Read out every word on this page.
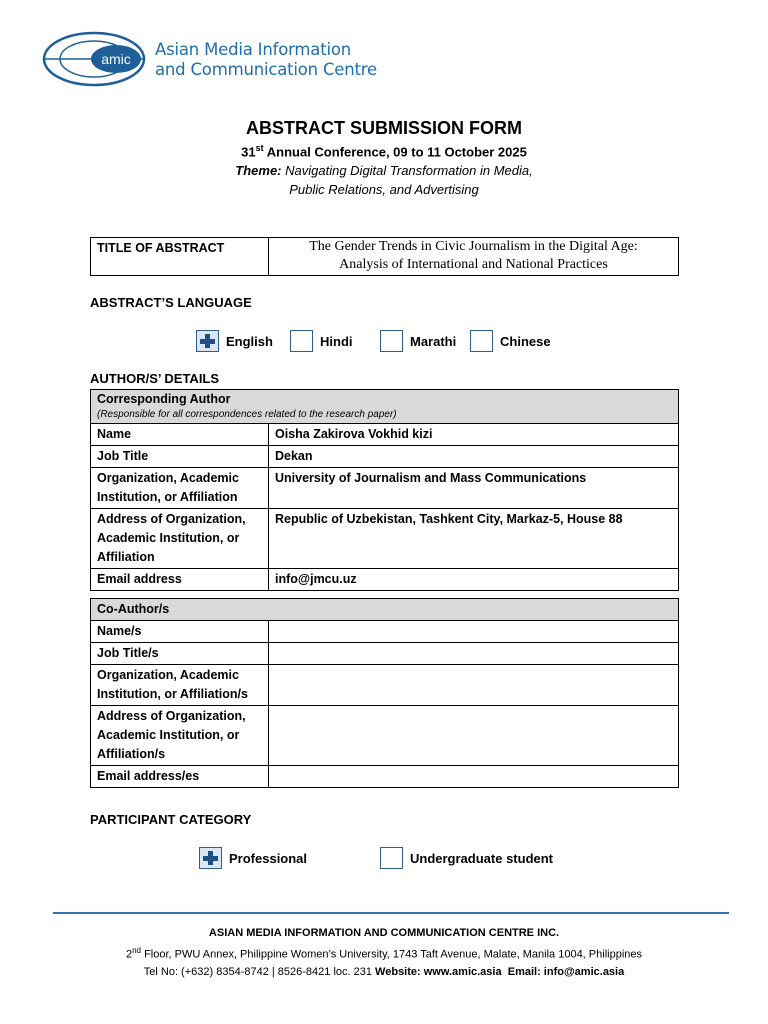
amic Asian Media Information
and Communication Centre
ABSTRACT SUBMISSION FORM
31st Annual Conference, 09 to 11 October 2025
Theme: Navigating Digital Transformation in Media,
Public Relations, and Advertising
TITLE OF ABSTRACT	The Gender Trends in Civic Journalism in the Digital Age:
Analysis of International and National Practices
ABSTRACT’S LANGUAGE
English	Hindi	Marathi	Chinese
AUTHOR/S’ DETAILS
Corresponding Author
(Responsible for all correspondences related to the research paper)	

Name	Oisha Zakirova Vokhid kizi
Job Title	Dekan
Organization, Academic Institution, or Affiliation	University of Journalism and Mass Communications
Address of Organization, Academic Institution, or Affiliation	Republic of Uzbekistan, Tashkent City, Markaz-5, House 88
Email address	info@jmcu.uz
Co-Author/s	
Name/s	
Job Title/s	
Organization, Academic Institution, or Affiliation/s	
Address of Organization, Academic Institution, or Affiliation/s	
Email address/es	
PARTICIPANT CATEGORY
Professional	Undergraduate student
ASIAN MEDIA INFORMATION AND COMMUNICATION CENTRE INC.
2nd Floor, PWU Annex, Philippine Women’s University, 1743 Taft Avenue, Malate, Manila 1004, Philippines
Tel No: (+632) 8354-8742 | 8526-8421 loc. 231 Website: www.amic.asia Email: info@amic.asia
